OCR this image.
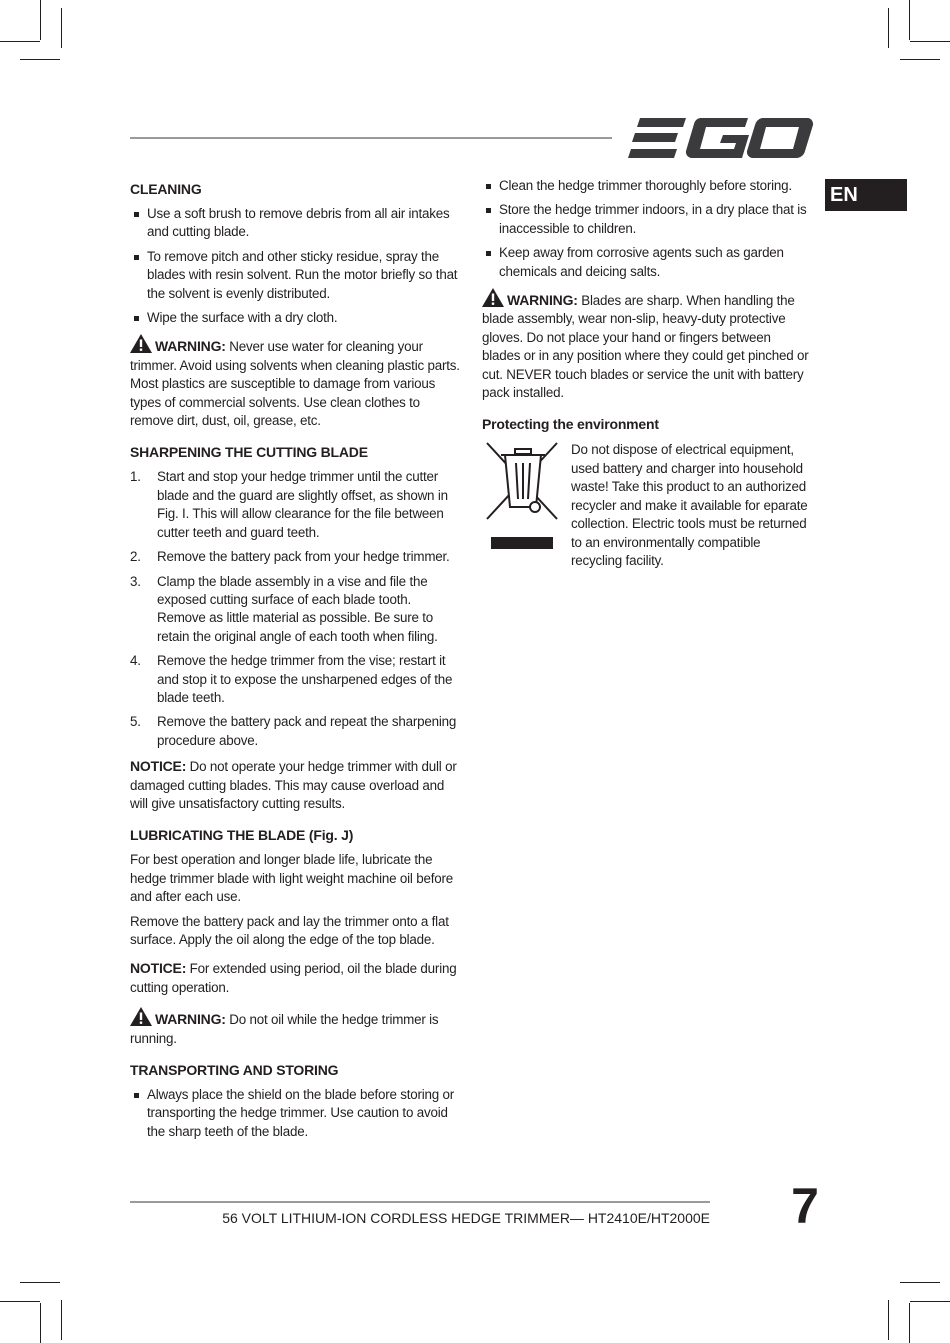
EN
CLEANING
Use a soft brush to remove debris from all air intakes and cutting blade.
To remove pitch and other sticky residue, spray the blades with resin solvent. Run the motor briefly so that the solvent is evenly distributed.
Wipe the surface with a dry cloth.

WARNING: Never use water for cleaning your trimmer. Avoid using solvents when cleaning plastic parts. Most plastics are susceptible to damage from various types of commercial solvents. Use clean clothes to remove dirt, dust, oil, grease, etc.

SHARPENING THE CUTTING BLADE
1. Start and stop your hedge trimmer until the cutter blade and the guard are slightly offset, as shown in Fig. I. This will allow clearance for the file between cutter teeth and guard teeth.
2. Remove the battery pack from your hedge trimmer.
3. Clamp the blade assembly in a vise and file the exposed cutting surface of each blade tooth. Remove as little material as possible. Be sure to retain the original angle of each tooth when filing.
4. Remove the hedge trimmer from the vise; restart it and stop it to expose the unsharpened edges of the blade teeth.
5. Remove the battery pack and repeat the sharpening procedure above.

NOTICE: Do not operate your hedge trimmer with dull or damaged cutting blades. This may cause overload and will give unsatisfactory cutting results.

LUBRICATING THE BLADE (Fig. J)

For best operation and longer blade life, lubricate the hedge trimmer blade with light weight machine oil before and after each use.

Remove the battery pack and lay the trimmer onto a flat surface. Apply the oil along the edge of the top blade.

NOTICE: For extended using period, oil the blade during cutting operation.

WARNING: Do not oil while the hedge trimmer is running.

TRANSPORTING AND STORING
Always place the shield on the blade before storing or transporting the hedge trimmer. Use caution to avoid the sharp teeth of the blade.
Clean the hedge trimmer thoroughly before storing.
Store the hedge trimmer indoors, in a dry place that is inaccessible to children.
Keep away from corrosive agents such as garden chemicals and deicing salts.

WARNING: Blades are sharp. When handling the blade assembly, wear non-slip, heavy-duty protective gloves. Do not place your hand or fingers between blades or in any position where they could get pinched or cut. NEVER touch blades or service the unit with battery pack installed.

Protecting the environment
Do not dispose of electrical equipment, used battery and charger into household waste! Take this product to an authorized recycler and make it available for eparate collection. Electric tools must be returned to an environmentally compatible recycling facility.
56 VOLT LITHIUM-ION CORDLESS HEDGE TRIMMER— HT2410E/HT2000E 7
